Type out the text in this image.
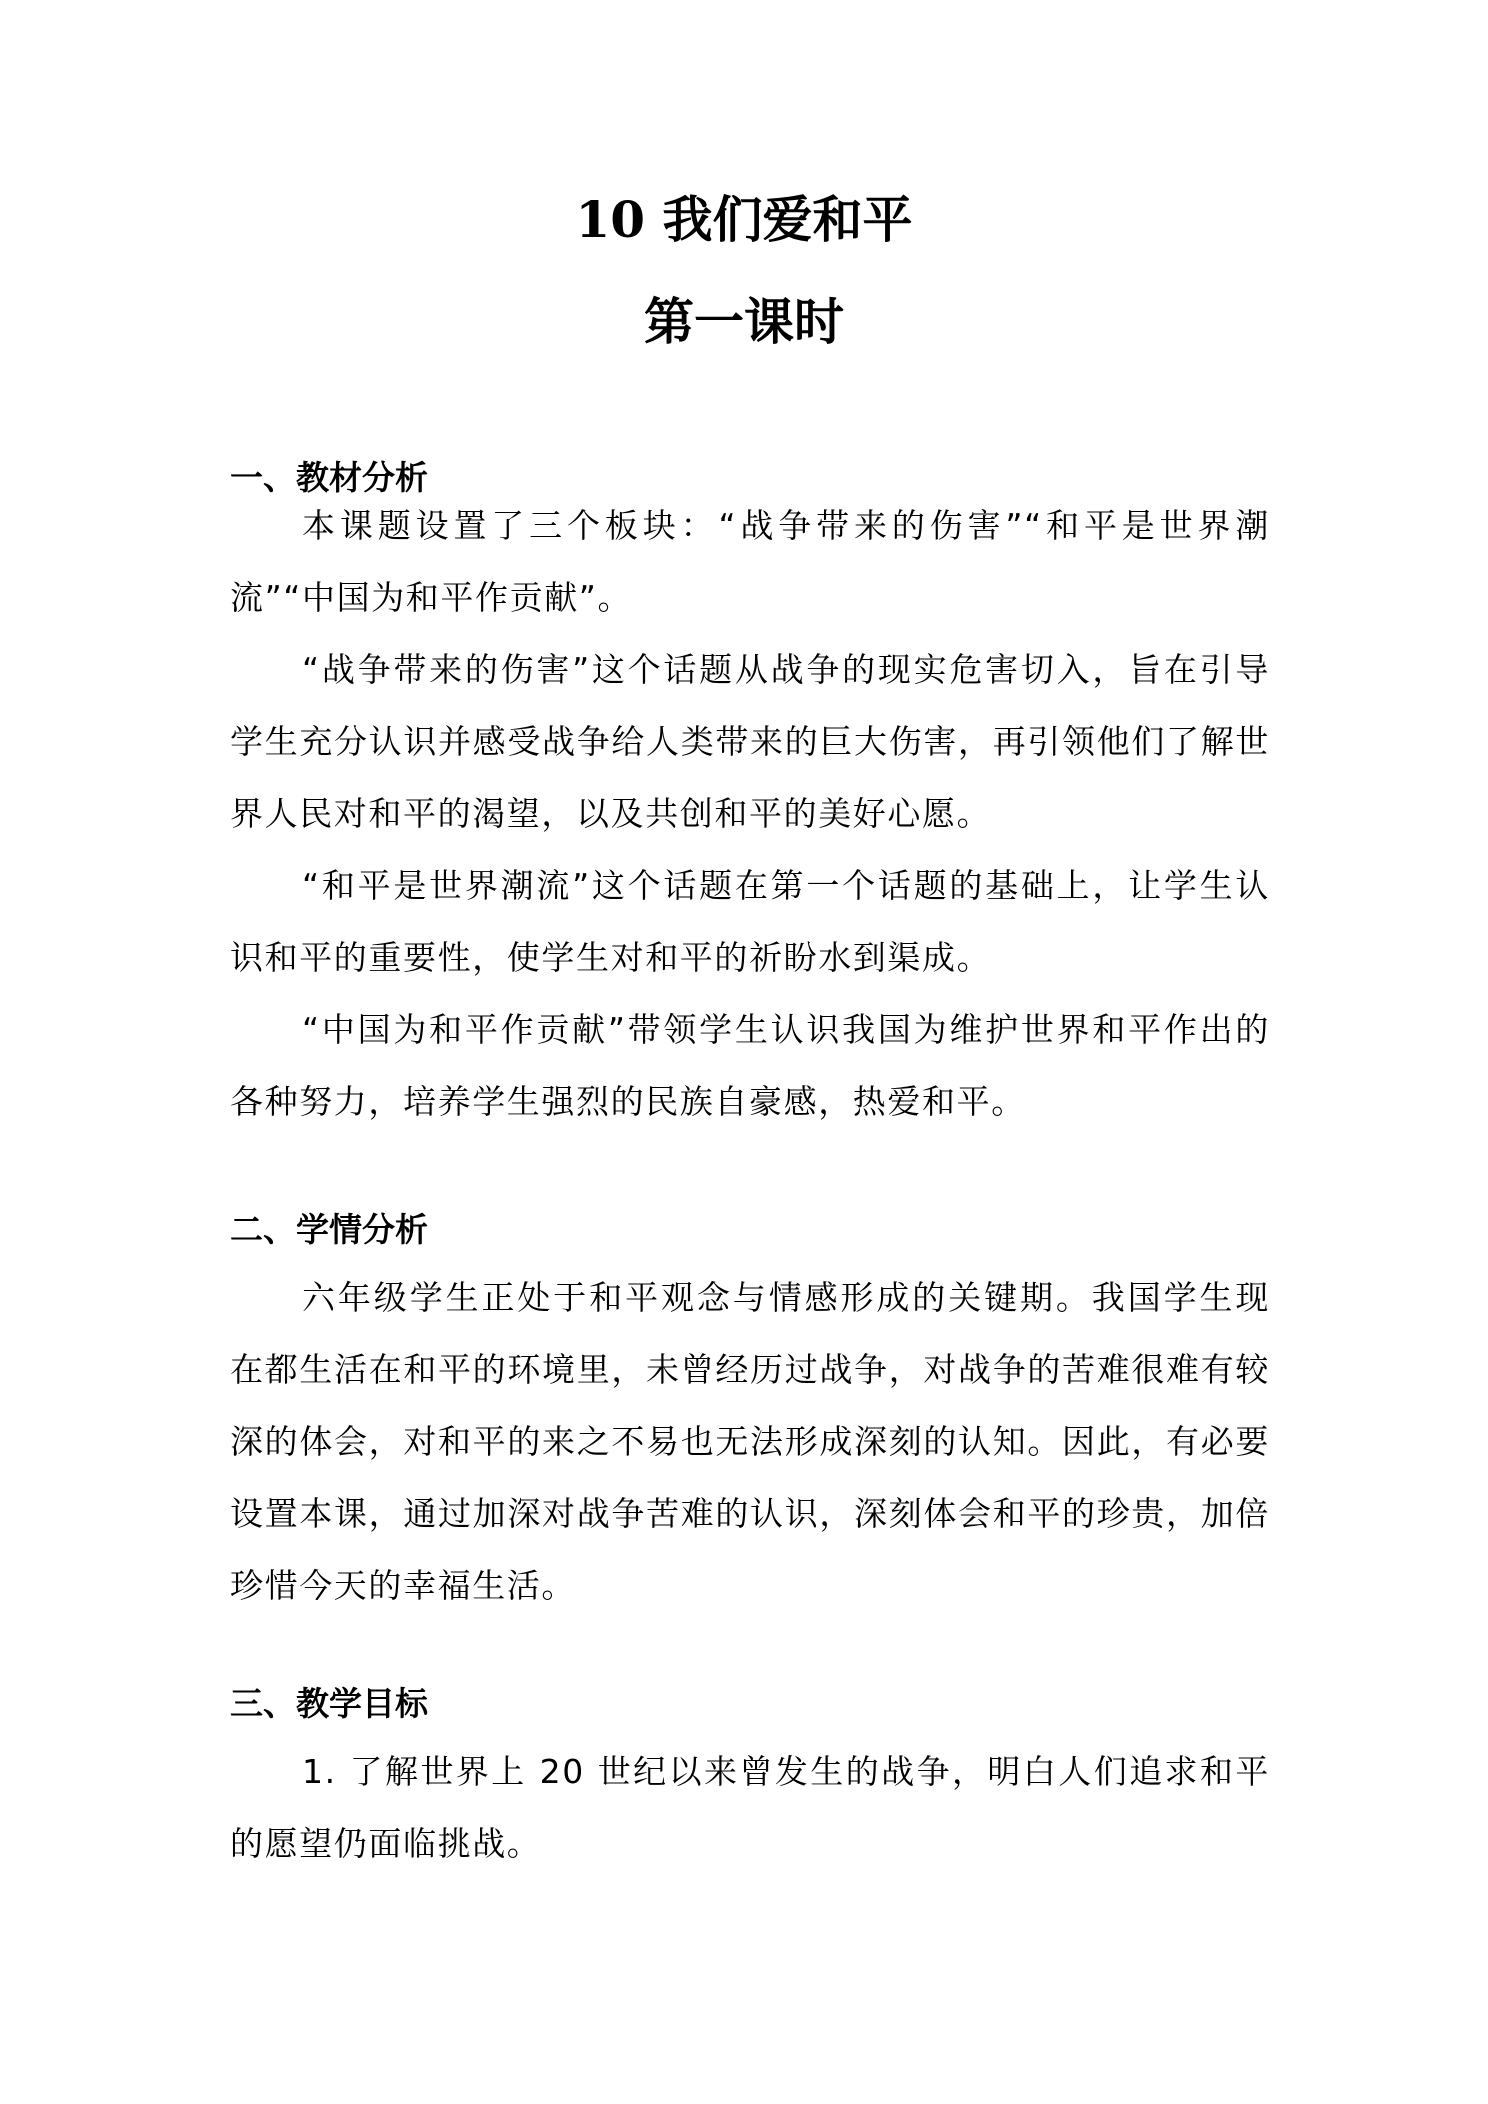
10 我们爱和平
第一课时
一、教材分析

本课题设置了三个板块：“战争带来的伤害”“和平是世界潮流”“中国为和平作贡献”。

“战争带来的伤害”这个话题从战争的现实危害切入，旨在引导学生充分认识并感受战争给人类带来的巨大伤害，再引领他们了解世界人民对和平的渴望，以及共创和平的美好心愿。

“和平是世界潮流”这个话题在第一个话题的基础上，让学生认识和平的重要性，使学生对和平的祈盼水到渠成。

“中国为和平作贡献”带领学生认识我国为维护世界和平作出的各种努力，培养学生强烈的民族自豪感，热爱和平。

二、学情分析

六年级学生正处于和平观念与情感形成的关键期。我国学生现在都生活在和平的环境里，未曾经历过战争，对战争的苦难很难有较深的体会，对和平的来之不易也无法形成深刻的认知。因此，有必要设置本课，通过加深对战争苦难的认识，深刻体会和平的珍贵，加倍珍惜今天的幸福生活。

三、教学目标

1. 了解世界上 20 世纪以来曾发生的战争，明白人们追求和平的愿望仍面临挑战。
